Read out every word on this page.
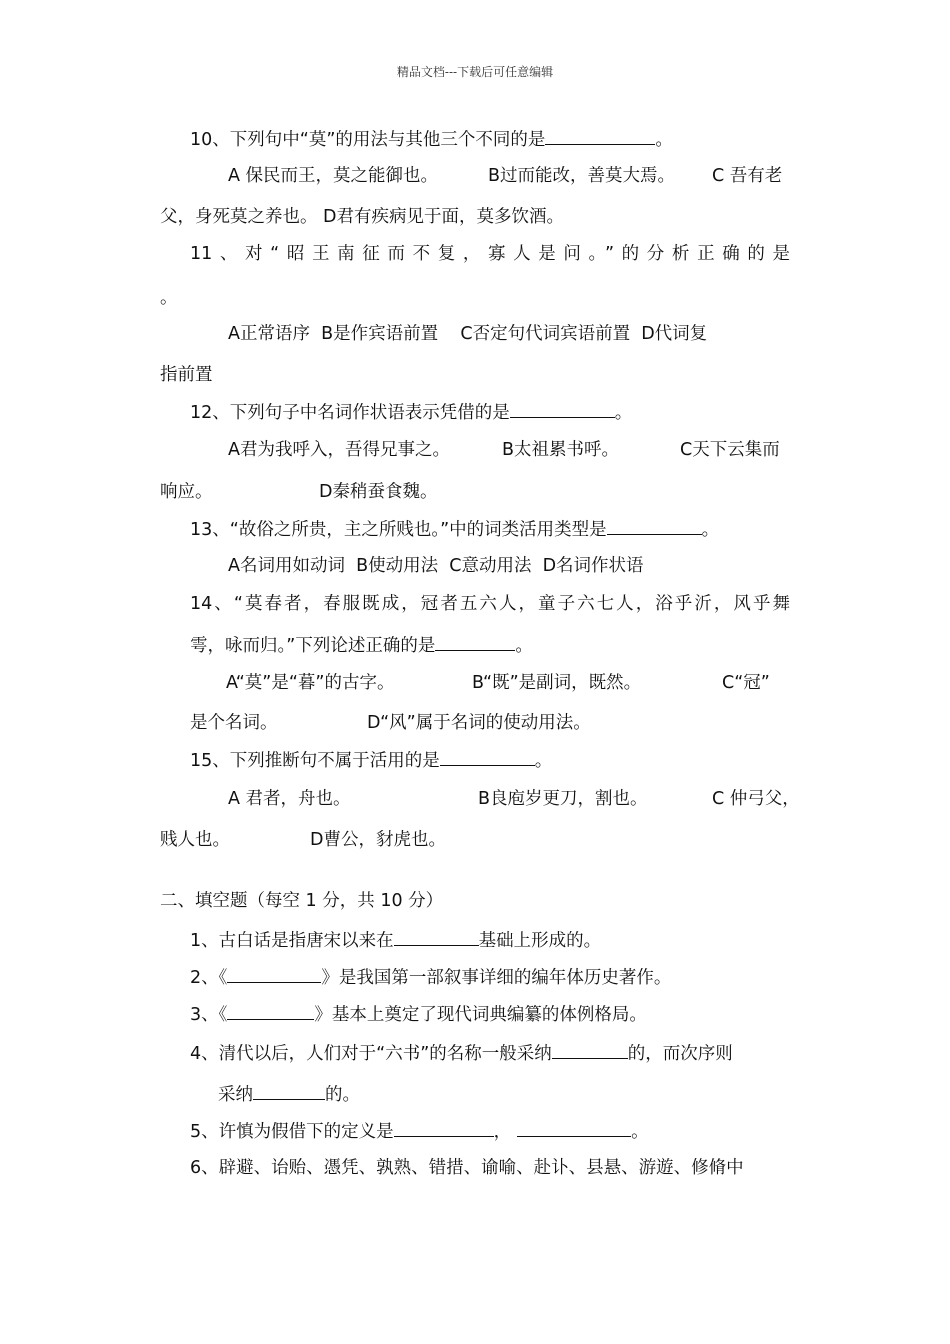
精品文档---下载后可任意编辑
10、下列句中“莫”的用法与其他三个不同的是	。
A 保民而王，莫之能御也。	B过而能改，善莫大焉。 C 吾有老
父，身死莫之养也。 D君有疾病见于面，莫多饮酒。
11、对“昭王南征而不复，寡人是问。”的分析正确的是
。
A正常语序  B是作宾语前置    C否定句代词宾语前置  D代词复
指前置
12、下列句子中名词作状语表示凭借的是	。
A君为我呼入，吾得兄事之。	B太祖累书呼。	C天下云集而
响应。	D秦稍蚕食魏。
13、“故俗之所贵，主之所贱也。”中的词类活用类型是	。
A名词用如动词  B使动用法  C意动用法  D名词作状语
14、“莫春者，春服既成，冠者五六人，童子六七人，浴乎沂，风乎舞
雩，咏而归。”下列论述正确的是	。
A“莫”是“暮”的古字。	B“既”是副词，既然。	C“冠”
是个名词。	D“风”属于名词的使动用法。
15、下列推断句不属于活用的是	。
A 君者，舟也。	B良庖岁更刀，割也。	C 仲弓父，
贱人也。	D曹公，豺虎也。
二、填空题（每空 1 分，共 10 分）
1、古白话是指唐宋以来在	基础上形成的。
2、《	》是我国第一部叙事详细的编年体历史著作。
3、《	》基本上奠定了现代词典编纂的体例格局。
4、清代以后，人们对于“六书”的名称一般采纳	的，而次序则
采纳	的。
5、许慎为假借下的定义是	，	。
6、辟避、诒贻、憑凭、孰熟、错措、谕喻、赴讣、县悬、游遊、修脩中
